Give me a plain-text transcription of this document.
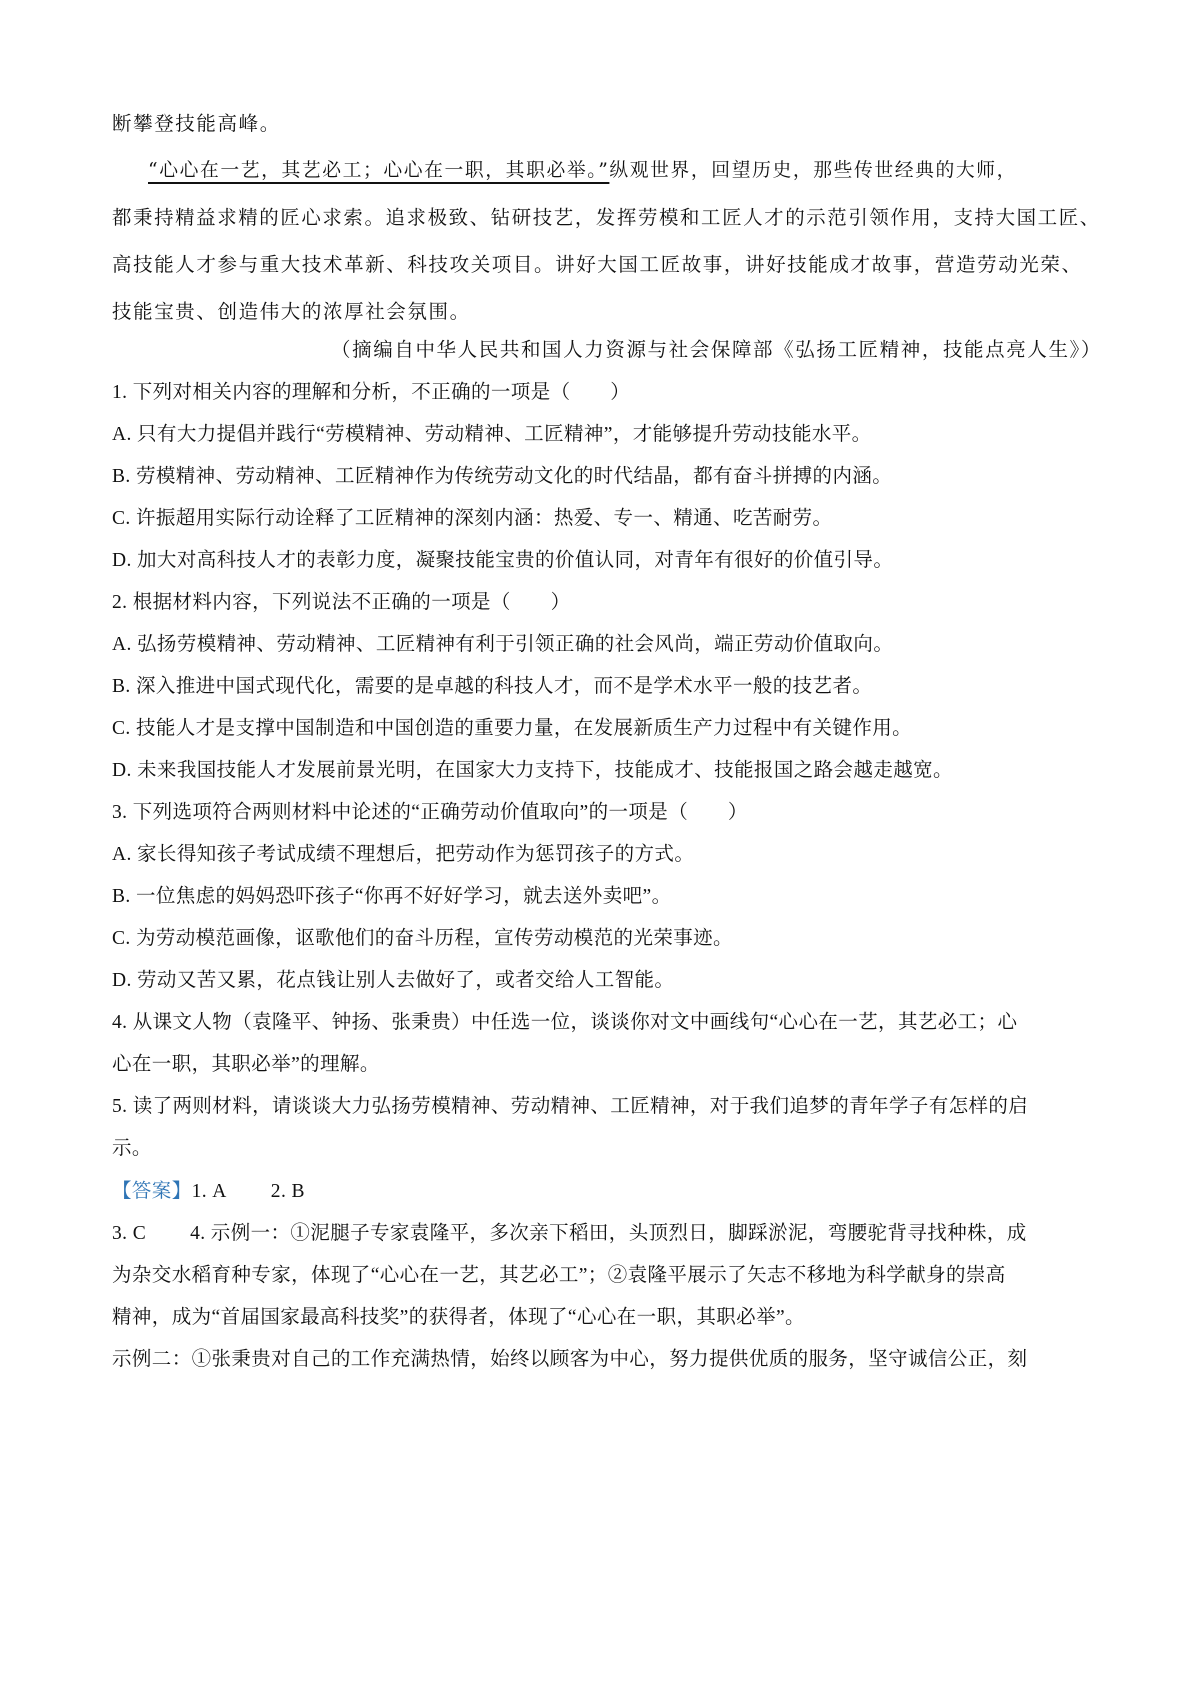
断攀登技能高峰。
“心心在一艺，其艺必工；心心在一职，其职必举。”纵观世界，回望历史，那些传世经典的大师，
都秉持精益求精的匠心求索。追求极致、钻研技艺，发挥劳模和工匠人才的示范引领作用，支持大国工匠、
高技能人才参与重大技术革新、科技攻关项目。讲好大国工匠故事，讲好技能成才故事，营造劳动光荣、
技能宝贵、创造伟大的浓厚社会氛围。
（摘编自中华人民共和国人力资源与社会保障部《弘扬工匠精神，技能点亮人生》）
1. 下列对相关内容的理解和分析，不正确的一项是（　　）
A. 只有大力提倡并践行“劳模精神、劳动精神、工匠精神”，才能够提升劳动技能水平。
B. 劳模精神、劳动精神、工匠精神作为传统劳动文化的时代结晶，都有奋斗拼搏的内涵。
C. 许振超用实际行动诠释了工匠精神的深刻内涵：热爱、专一、精通、吃苦耐劳。
D. 加大对高科技人才的表彰力度，凝聚技能宝贵的价值认同，对青年有很好的价值引导。
2. 根据材料内容，下列说法不正确的一项是（　　）
A. 弘扬劳模精神、劳动精神、工匠精神有利于引领正确的社会风尚，端正劳动价值取向。
B. 深入推进中国式现代化，需要的是卓越的科技人才，而不是学术水平一般的技艺者。
C. 技能人才是支撑中国制造和中国创造的重要力量，在发展新质生产力过程中有关键作用。
D. 未来我国技能人才发展前景光明，在国家大力支持下，技能成才、技能报国之路会越走越宽。
3. 下列选项符合两则材料中论述的“正确劳动价值取向”的一项是（　　）
A. 家长得知孩子考试成绩不理想后，把劳动作为惩罚孩子的方式。
B. 一位焦虑的妈妈恐吓孩子“你再不好好学习，就去送外卖吧”。
C. 为劳动模范画像，讴歌他们的奋斗历程，宣传劳动模范的光荣事迹。
D. 劳动又苦又累，花点钱让别人去做好了，或者交给人工智能。
4. 从课文人物（袁隆平、钟扬、张秉贵）中任选一位，谈谈你对文中画线句“心心在一艺，其艺必工；心
心在一职，其职必举”的理解。
5. 读了两则材料，请谈谈大力弘扬劳模精神、劳动精神、工匠精神，对于我们追梦的青年学子有怎样的启
示。
【答案】1. A 2. B
3. C 4. 示例一：①泥腿子专家袁隆平，多次亲下稻田，头顶烈日，脚踩淤泥，弯腰驼背寻找种株，成
为杂交水稻育种专家，体现了“心心在一艺，其艺必工”；②袁隆平展示了矢志不移地为科学献身的崇高
精神，成为“首届国家最高科技奖”的获得者，体现了“心心在一职，其职必举”。
示例二：①张秉贵对自己的工作充满热情，始终以顾客为中心，努力提供优质的服务，坚守诚信公正，刻
